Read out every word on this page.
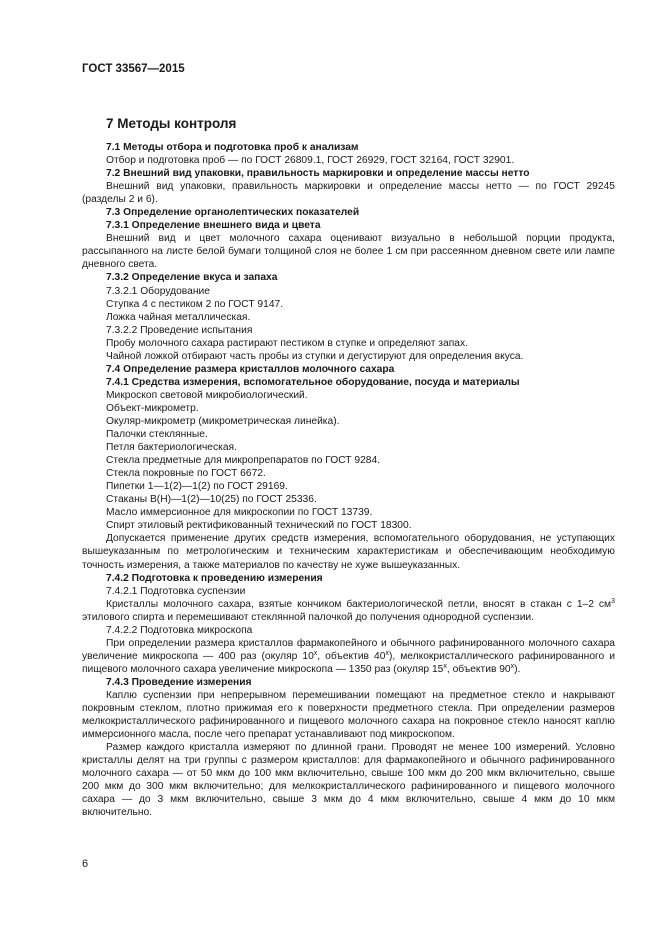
ГОСТ 33567—2015
7 Методы контроля

7.1 Методы отбора и подготовка проб к анализам

Отбор и подготовка проб — по ГОСТ 26809.1, ГОСТ 26929, ГОСТ 32164, ГОСТ 32901.

7.2 Внешний вид упаковки, правильность маркировки и определение массы нетто

Внешний вид упаковки, правильность маркировки и определение массы нетто — по ГОСТ 29245 (разделы 2 и 6).

7.3 Определение органолептических показателей

7.3.1 Определение внешнего вида и цвета

Внешний вид и цвет молочного сахара оценивают визуально в небольшой порции продукта, рассыпанного на листе белой бумаги толщиной слоя не более 1 см при рассеянном дневном свете или лампе дневного света.

7.3.2 Определение вкуса и запаха

7.3.2.1 Оборудование

Ступка 4 с пестиком 2 по ГОСТ 9147.

Ложка чайная металлическая.

7.3.2.2 Проведение испытания

Пробу молочного сахара растирают пестиком в ступке и определяют запах.

Чайной ложкой отбирают часть пробы из ступки и дегустируют для определения вкуса.

7.4 Определение размера кристаллов молочного сахара

7.4.1 Средства измерения, вспомогательное оборудование, посуда и материалы

Микроскоп световой микробиологический.

Объект-микрометр.

Окуляр-микрометр (микрометрическая линейка).

Палочки стеклянные.

Петля бактериологическая.

Стекла предметные для микропрепаратов по ГОСТ 9284.

Стекла покровные по ГОСТ 6672.

Пипетки 1—1(2)—1(2) по ГОСТ 29169.

Стаканы В(Н)—1(2)—10(25) по ГОСТ 25336.

Масло иммерсионное для микроскопии по ГОСТ 13739.

Спирт этиловый ректификованный технический по ГОСТ 18300.

Допускается применение других средств измерения, вспомогательного оборудования, не уступающих вышеуказанным по метрологическим и техническим характеристикам и обеспечивающим необходимую точность измерения, а также материалов по качеству не хуже вышеуказанных.

7.4.2 Подготовка к проведению измерения

7.4.2.1 Подготовка суспензии

Кристаллы молочного сахара, взятые кончиком бактериологической петли, вносят в стакан с 1–2 $см^3$ этилового спирта и перемешивают стеклянной палочкой до получения однородной суспензии.

7.4.2.2 Подготовка микроскопа

При определении размера кристаллов фармакопейного и обычного рафинированного молочного сахара увеличение микроскопа — 400 раз (окуляр $10^х$, объектив $40^х$), мелкокристаллического рафинированного и пищевого молочного сахара увеличение микроскопа — 1350 раз (окуляр $15^х$, объектив $90^х$).

7.4.3 Проведение измерения

Каплю суспензии при непрерывном перемешивании помещают на предметное стекло и накрывают покровным стеклом, плотно прижимая его к поверхности предметного стекла. При определении размеров мелкокристаллического рафинированного и пищевого молочного сахара на покровное стекло наносят каплю иммерсионного масла, после чего препарат устанавливают под микроскопом.

Размер каждого кристалла измеряют по длинной грани. Проводят не менее 100 измерений. Условно кристаллы делят на три группы с размером кристаллов: для фармакопейного и обычного рафинированного молочного сахара — от 50 мкм до 100 мкм включительно, свыше 100 мкм до 200 мкм включительно, свыше 200 мкм до 300 мкм включительно; для мелкокристаллического рафинированного и пищевого молочного сахара — до 3 мкм включительно, свыше 3 мкм до 4 мкм включительно, свыше 4 мкм до 10 мкм включительно.

6
